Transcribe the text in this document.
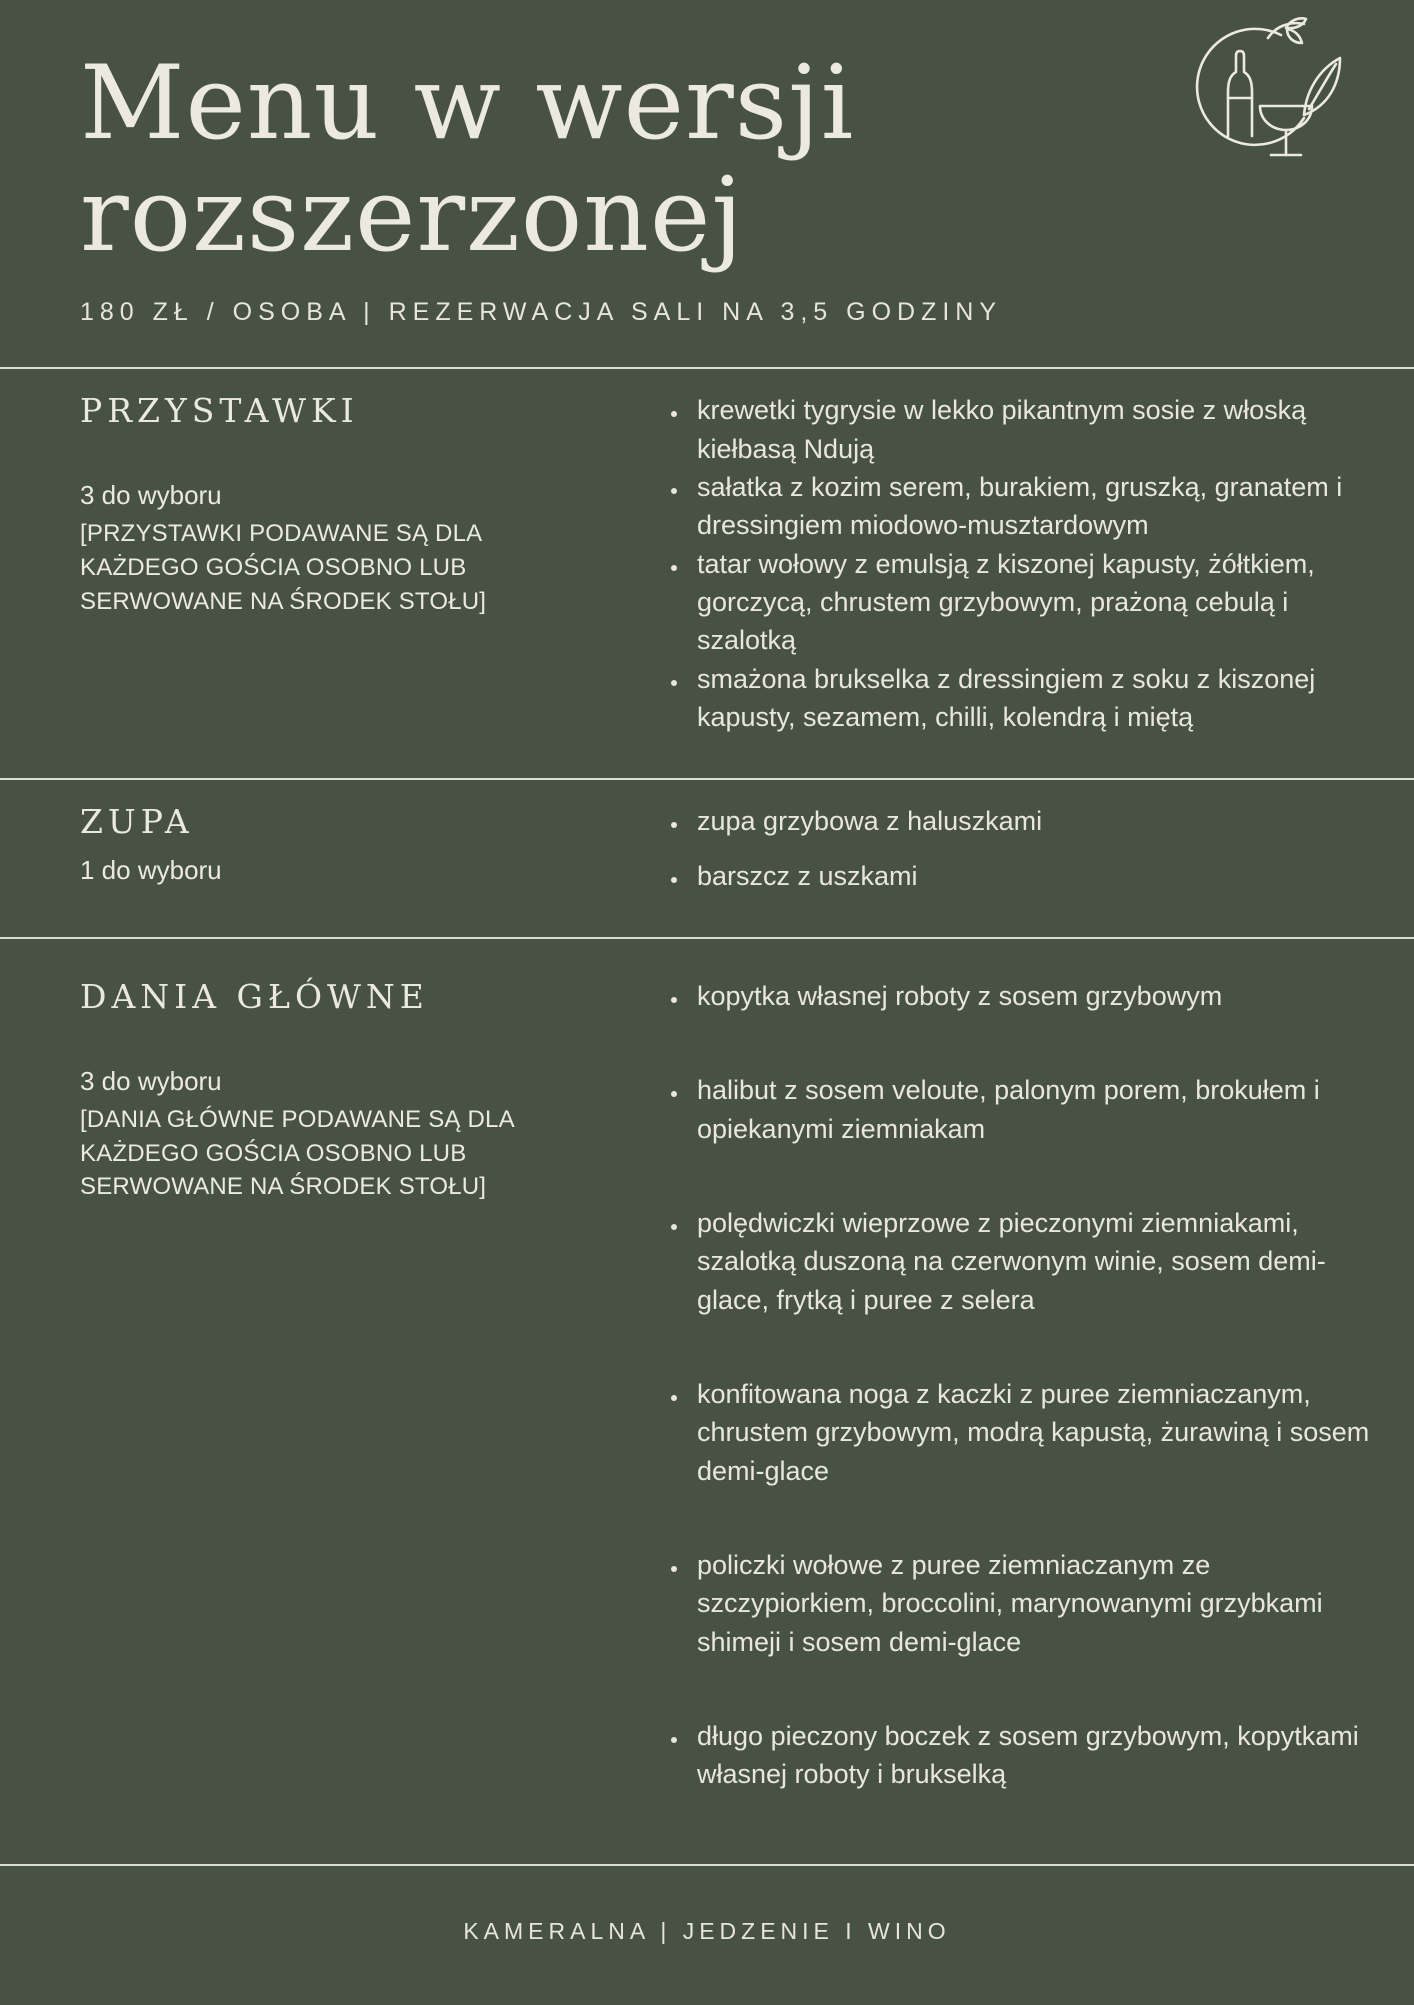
Menu w wersji rozszerzonej

180 ZŁ / OSOBA | REZERWACJA SALI NA 3,5 GODZINY

PRZYSTAWKI

3 do wyboru

[PRZYSTAWKI PODAWANE SĄ DLA KAŻDEGO GOŚCIA OSOBNO LUB SERWOWANE NA ŚRODEK STOŁU]

• krewetki tygrysie w lekko pikantnym sosie z włoską kiełbasą Ndują
• sałatka z kozim serem, burakiem, gruszką, granatem i dressingiem miodowo-musztardowym
• tatar wołowy z emulsją z kiszonej kapusty, żółtkiem, gorczycą, chrustem grzybowym, prażoną cebulą i szalotką
• smażona brukselka z dressingiem z soku z kiszonej kapusty, sezamem, chilli, kolendrą i miętą
ZUPA

1 do wyboru

• zupa grzybowa z haluszkami
• barszcz z uszkami
DANIA GŁÓWNE

3 do wyboru

[DANIA GŁÓWNE PODAWANE SĄ DLA KAŻDEGO GOŚCIA OSOBNO LUB SERWOWANE NA ŚRODEK STOŁU]

• kopytka własnej roboty z sosem grzybowym
• halibut z sosem veloute, palonym porem, brokułem i opiekanymi ziemniakam
• polędwiczki wieprzowe z pieczonymi ziemniakami, szalotką duszoną na czerwonym winie, sosem demi-glace, frytką i puree z selera
• konfitowana noga z kaczki z puree ziemniaczanym, chrustem grzybowym, modrą kapustą, żurawiną i sosem demi-glace
• policzki wołowe z puree ziemniaczanym ze szczypiorkiem, broccolini, marynowanymi grzybkami shimeji i sosem demi-glace
• długo pieczony boczek z sosem grzybowym, kopytkami własnej roboty i brukselką

KAMERALNA | JEDZENIE I WINO
